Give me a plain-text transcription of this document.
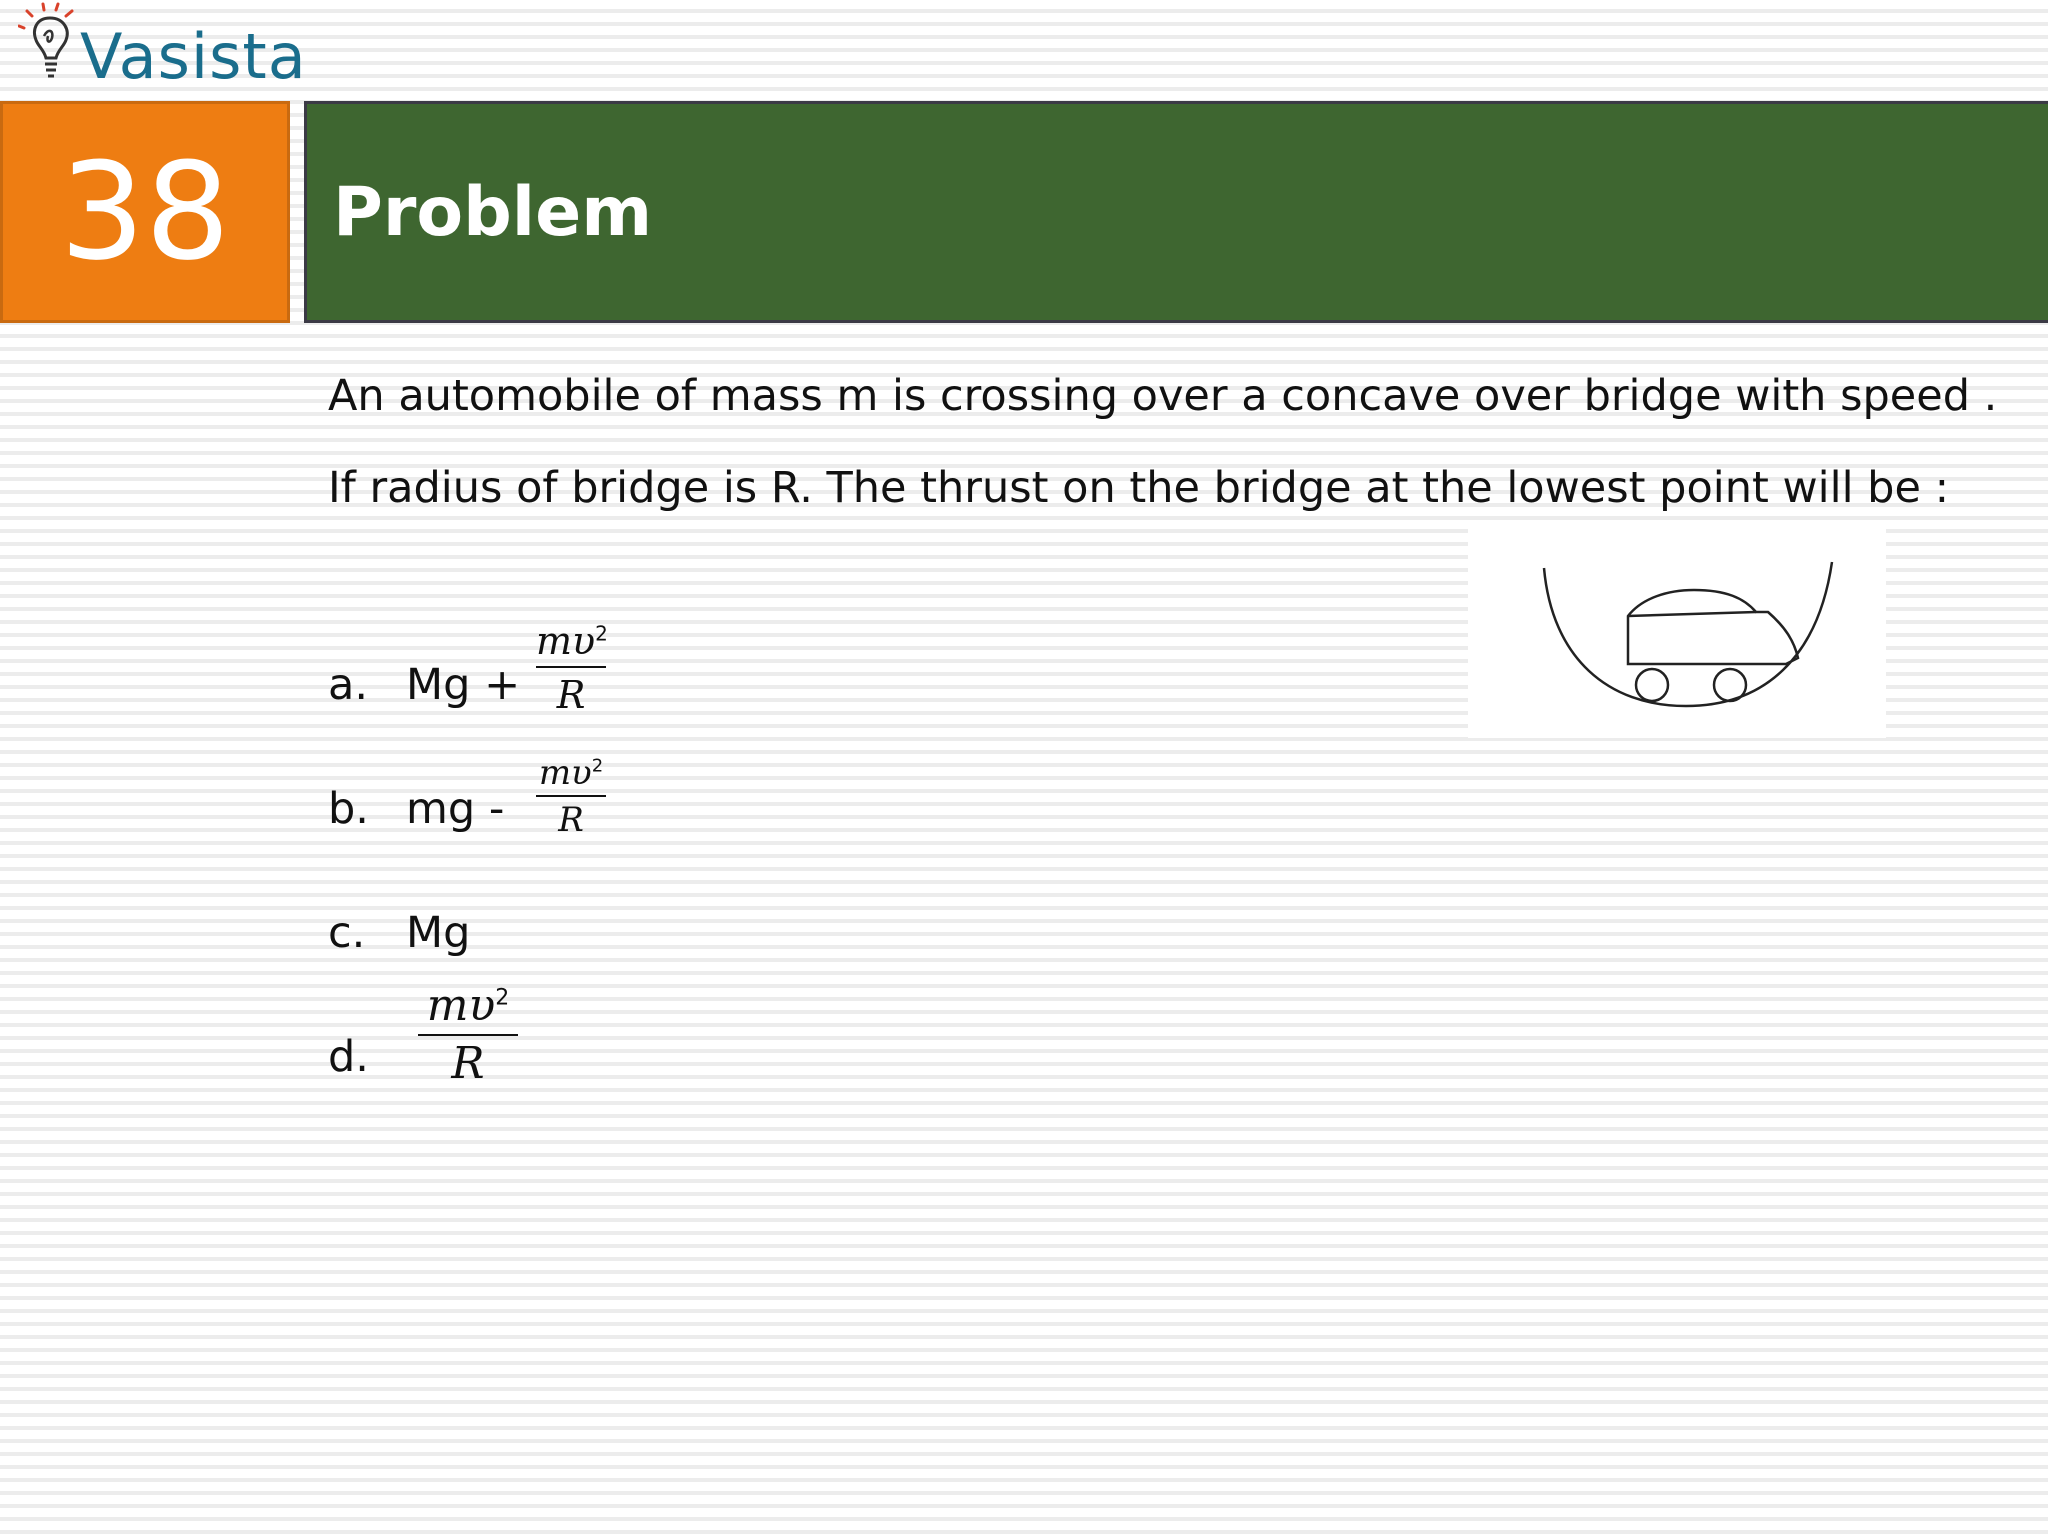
Vasista
38 Problem
An automobile of mass m is crossing over a concave over bridge with speed . If radius of bridge is R. The thrust on the bridge at the lowest point will be :
a. Mg +
$m\upsilon^2$
R
b. mg -
$m\upsilon^2$
R
c. Mg
d.
$m\upsilon^2$
R
